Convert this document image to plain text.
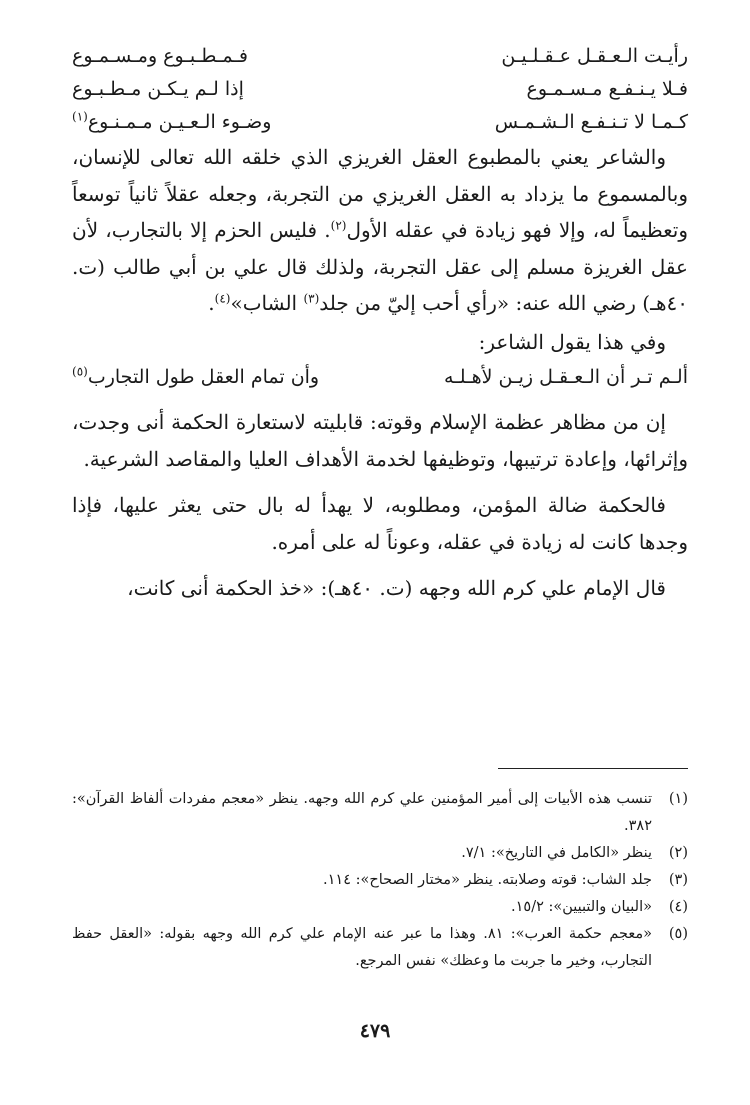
رأيـت الـعـقـل عـقـلـيـن
فـمـطـبـوع ومـسـمـوع
فـلا يـنـفـع مـسـمـوع
إذا لـم يـكـن مـطـبـوع
كـمـا لا تـنـفـع الـشـمـس
وضـوء الـعـيـن مـمـنـوع$^{(١)}$

والشاعر يعني بالمطبوع العقل الغريزي الذي خلقه الله تعالى للإنسان، وبالمسموع ما يزداد به العقل الغريزي من التجربة، وجعله عقلاً ثانياً توسعاً وتعظيماً له، وإلا فهو زيادة في عقله الأول$^{(٢)}$. فليس الحزم إلا بالتجارب، لأن عقل الغريزة مسلم إلى عقل التجربة، ولذلك قال علي بن أبي طالب (ت. ٤٠هـ) رضي الله عنه: «رأي أحب إليّ من جلد$^{(٣)}$ الشاب»$^{(٤)}$.

وفي هذا يقول الشاعر:

ألـم تـر أن الـعـقـل زيـن لأهـلـه
وأن تمام العقل طول التجارب$^{(٥)}$

إن من مظاهر عظمة الإسلام وقوته: قابليته لاستعارة الحكمة أنى وجدت، وإثرائها، وإعادة ترتيبها، وتوظيفها لخدمة الأهداف العليا والمقاصد الشرعية.

فالحكمة ضالة المؤمن، ومطلوبه، لا يهدأ له بال حتى يعثر عليها، فإذا وجدها كانت له زيادة في عقله، وعوناً له على أمره.

قال الإمام علي كرم الله وجهه (ت. ٤٠هـ): «خذ الحكمة أنى كانت،

(١)
تنسب هذه الأبيات إلى أمير المؤمنين علي كرم الله وجهه. ينظر «معجم مفردات ألفاظ القرآن»: ٣٨٢.
(٢)
ينظر «الكامل في التاريخ»: ٧/١.
(٣)
جلد الشاب: قوته وصلابته. ينظر «مختار الصحاح»: ١١٤.
(٤)
«البيان والتبيين»: ١٥/٢.
(٥)
«معجم حكمة العرب»: ٨١. وهذا ما عبر عنه الإمام علي كرم الله وجهه بقوله: «العقل حفظ التجارب، وخير ما جربت ما وعظك» نفس المرجع.
٤٧٩
